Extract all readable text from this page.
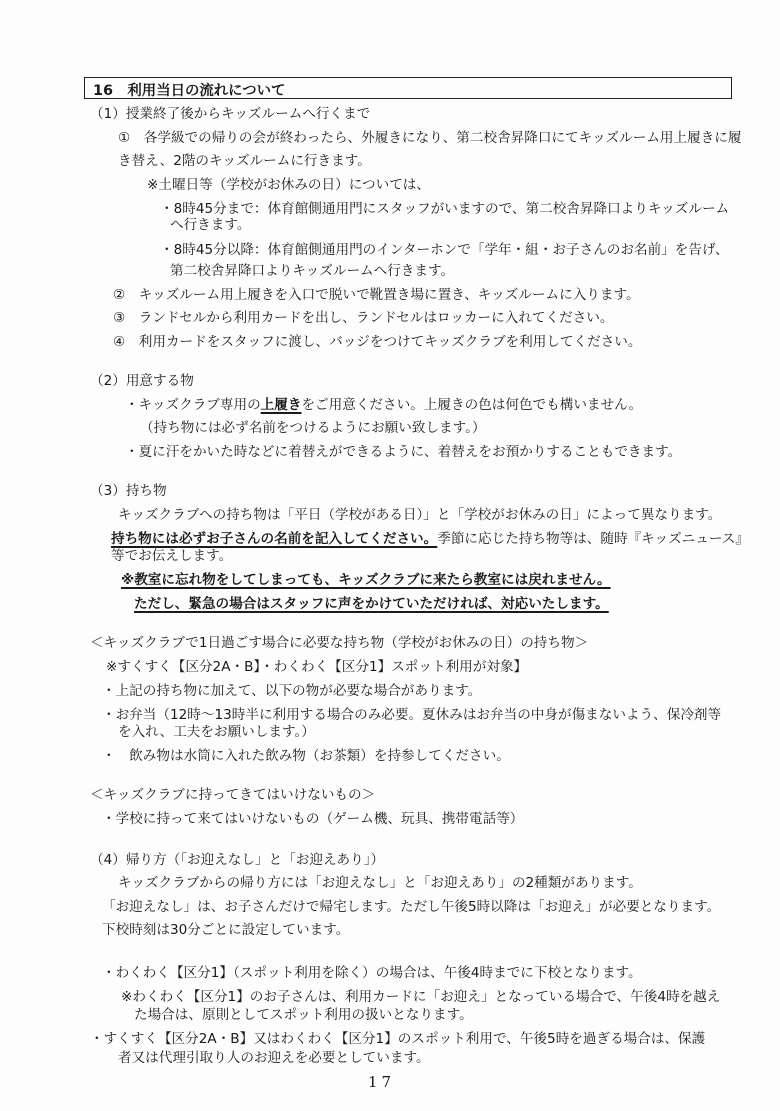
16　利用当日の流れについて
（1）授業終了後からキッズルームへ行くまで
①　各学級での帰りの会が終わったら、外履きになり、第二校舎昇降口にてキッズルーム用上履きに履
き替え、2階のキッズルームに行きます。
※土曜日等（学校がお休みの日）については、
・8時45分まで：体育館側通用門にスタッフがいますので、第二校舎昇降口よりキッズルーム
へ行きます。
・8時45分以降：体育館側通用門のインターホンで「学年・組・お子さんのお名前」を告げ、
第二校舎昇降口よりキッズルームへ行きます。
②　キッズルーム用上履きを入口で脱いで靴置き場に置き、キッズルームに入ります。
③　ランドセルから利用カードを出し、ランドセルはロッカーに入れてください。
④　利用カードをスタッフに渡し、バッジをつけてキッズクラブを利用してください。
（2）用意する物
・キッズクラブ専用の上履きをご用意ください。上履きの色は何色でも構いません。
（持ち物には必ず名前をつけるようにお願い致します。）
・夏に汗をかいた時などに着替えができるように、着替えをお預かりすることもできます。
（3）持ち物
キッズクラブへの持ち物は「平日（学校がある日）」と「学校がお休みの日」によって異なります。
持ち物には必ずお子さんの名前を記入してください。季節に応じた持ち物等は、随時『キッズニュース』
等でお伝えします。
※教室に忘れ物をしてしまっても、キッズクラブに来たら教室には戻れません。
ただし、緊急の場合はスタッフに声をかけていただければ、対応いたします。
＜キッズクラブで1日過ごす場合に必要な持ち物（学校がお休みの日）の持ち物＞
※すくすく【区分2A・B】・わくわく【区分1】スポット利用が対象】
・上記の持ち物に加えて、以下の物が必要な場合があります。
・お弁当（12時～13時半に利用する場合のみ必要。夏休みはお弁当の中身が傷まないよう、保冷剤等
を入れ、工夫をお願いします。）
・　飲み物は水筒に入れた飲み物（お茶類）を持参してください。
＜キッズクラブに持ってきてはいけないもの＞
・学校に持って来てはいけないもの（ゲーム機、玩具、携帯電話等）
（4）帰り方（「お迎えなし」と「お迎えあり」）
キッズクラブからの帰り方には「お迎えなし」と「お迎えあり」の2種類があります。
「お迎えなし」は、お子さんだけで帰宅します。ただし午後5時以降は「お迎え」が必要となります。
下校時刻は30分ごとに設定しています。
・わくわく【区分1】（スポット利用を除く）の場合は、午後4時までに下校となります。
※わくわく【区分1】のお子さんは、利用カードに「お迎え」となっている場合で、午後4時を越え
た場合は、原則としてスポット利用の扱いとなります。
・すくすく【区分2A・B】又はわくわく【区分1】のスポット利用で、午後5時を過ぎる場合は、保護
者又は代理引取り人のお迎えを必要としています。
17
